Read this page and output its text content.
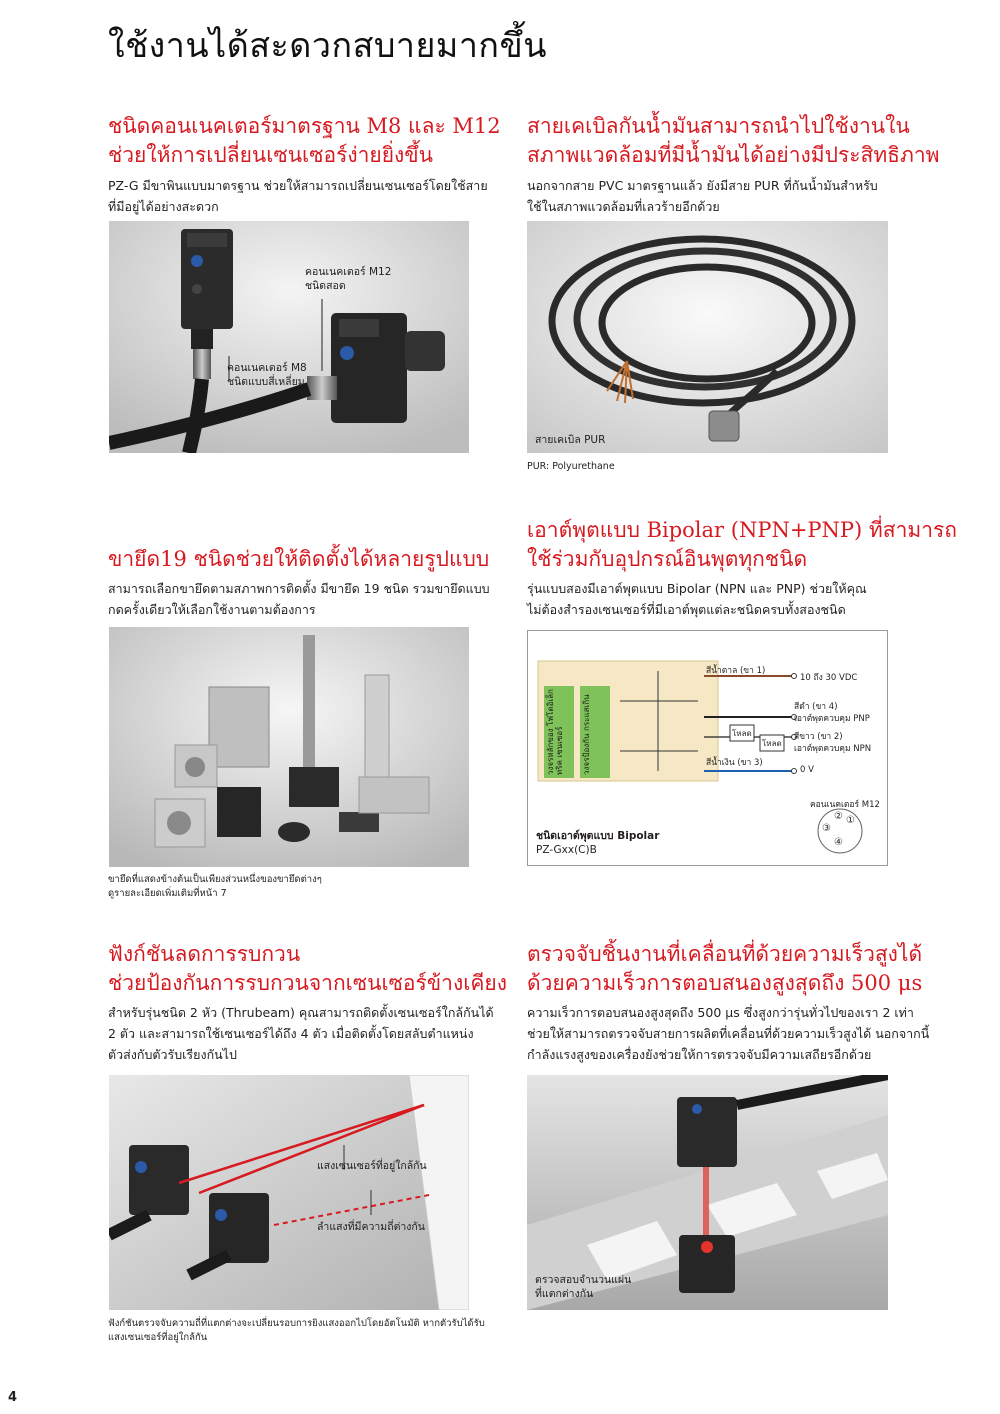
ใช้งานได้สะดวกสบายมากขึ้น
ชนิดคอนเนคเตอร์มาตรฐาน M8 และ M12
ช่วยให้การเปลี่ยนเซนเซอร์ง่ายยิ่งขึ้น
PZ-G มีขาพินแบบมาตรฐาน ช่วยให้สามารถเปลี่ยนเซนเซอร์โดยใช้สาย
ที่มีอยู่ได้อย่างสะดวก
คอนเนคเตอร์ M12
ชนิดสอด
คอนเนคเตอร์ M8
ชนิดแบบสี่เหลี่ยม
สายเคเบิลกันน้ำมันสามารถนำไปใช้งานใน
สภาพแวดล้อมที่มีน้ำมันได้อย่างมีประสิทธิภาพ
นอกจากสาย PVC มาตรฐานแล้ว ยังมีสาย PUR ที่กันน้ำมันสำหรับ
ใช้ในสภาพแวดล้อมที่เลวร้ายอีกด้วย
สายเคเบิล PUR
PUR: Polyurethane
ขายึด19 ชนิดช่วยให้ติดตั้งได้หลายรูปแบบ
สามารถเลือกขายึดตามสภาพการติดตั้ง มีขายึด 19 ชนิด รวมขายึดแบบ
กดครั้งเดียวให้เลือกใช้งานตามต้องการ
ขายึดที่แสดงข้างต้นเป็นเพียงส่วนหนึ่งของขายึดต่างๆ
ดูรายละเอียดเพิ่มเติมที่หน้า 7
เอาต์พุตแบบ Bipolar (NPN+PNP) ที่สามารถ
ใช้ร่วมกับอุปกรณ์อินพุตทุกชนิด
รุ่นแบบสองมีเอาต์พุตแบบ Bipolar (NPN และ PNP) ช่วยให้คุณ
ไม่ต้องสำรองเซนเซอร์ที่มีเอาต์พุตแต่ละชนิดครบทั้งสองชนิด
วงจรหลักของ โฟโตอิเล็กทริค เซนเซอร์	วงจรป้องกัน กระแสเกิน
สีน้ำตาล (ขา 1)
10 ถึง 30 VDC
สีดำ (ขา 4)
เอาต์พุตควบคุม PNP
สีขาว (ขา 2)
เอาต์พุตควบคุม NPN
สีน้ำเงิน (ขา 3)
0 V
โหลด
โหลด
คอนเนคเตอร์ M12
①
②
③
④
ชนิดเอาต์พุตแบบ Bipolar
PZ-Gxx(C)B
ฟังก์ชันลดการรบกวน
ช่วยป้องกันการรบกวนจากเซนเซอร์ข้างเคียง
สำหรับรุ่นชนิด 2 หัว (Thrubeam) คุณสามารถติดตั้งเซนเซอร์ใกล้กันได้
2 ตัว และสามารถใช้เซนเซอร์ได้ถึง 4 ตัว เมื่อติดตั้งโดยสลับตำแหน่ง
ตัวส่งกับตัวรับเรียงกันไป
แสงเซนเซอร์ที่อยู่ใกล้กัน
ลำแสงที่มีความถี่ต่างกัน
ฟังก์ชันตรวจจับความถี่ที่แตกต่างจะเปลี่ยนรอบการยิงแสงออกไปโดยอัตโนมัติ หากตัวรับได้รับ
แสงเซนเซอร์ที่อยู่ใกล้กัน
ตรวจจับชิ้นงานที่เคลื่อนที่ด้วยความเร็วสูงได้
ด้วยความเร็วการตอบสนองสูงสุดถึง 500 μs
ความเร็วการตอบสนองสูงสุดถึง 500 μs ซึ่งสูงกว่ารุ่นทั่วไปของเรา 2 เท่า
ช่วยให้สามารถตรวจจับสายการผลิตที่เคลื่อนที่ด้วยความเร็วสูงได้ นอกจากนี้
กำลังแรงสูงของเครื่องยังช่วยให้การตรวจจับมีความเสถียรอีกด้วย
ตรวจสอบจำนวนแผ่น
ที่แตกต่างกัน
4
